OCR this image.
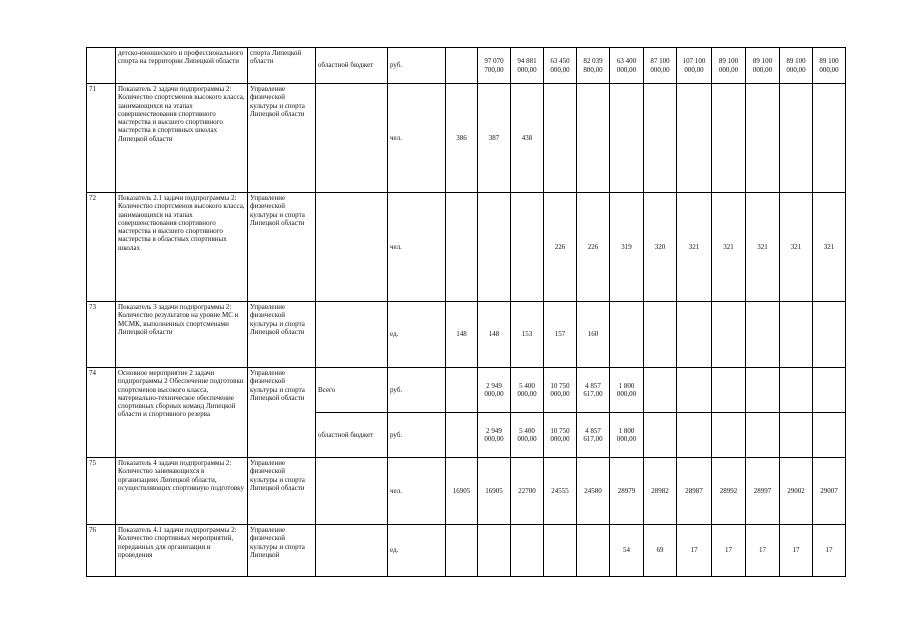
	детско-юношеского и профессионального спорта на территории Липецкой области	спорта Липецкой области	областной бюджет	руб.		97 070 700,00	94 881 000,00	63 450 000,00	82 039 800,00	63 400 000,00	87 100 000,00	107 100 000,00	89 100 000,00	89 100 000,00	89 100 000,00	89 100 000,00
71	Показатель 2 задачи подпрограммы 2: Количество спортсменов высокого класса, занимающихся на этапах совершенствования спортивного мастерства и высшего спортивного мастерства в спортивных школах Липецкой области	Управление физической культуры и спорта Липецкой области		чел.	386	387	438									
72	Показатель 2.1 задачи подпрограммы 2: Количество спортсменов высокого класса, занимающихся на этапах совершенствования спортивного мастерства и высшего спортивного мастерства в областных спортивных школах	Управление физической культуры и спорта Липецкой области		чел.				226	226	319	320	321	321	321	321	321
73	Показатель 3 задачи подпрограммы 2: Количество результатов на уровне МС и МСМК, выполненных спортсменами Липецкой области	Управление физической культуры и спорта Липецкой области		ед.	148	148	153	157	160							
74	Основное мероприятие 2 задачи подпрограммы 2 Обеспечение подготовки спортсменов высокого класса, материально-техническое обеспечение спортивных сборных команд Липецкой области и спортивного резерва	Управление физической культуры и спорта Липецкой области	Всего	руб.		2 949 000,00	5 400 000,00	10 750 000,00	4 857 617,00	1 800 000,00						
			областной бюджет	руб.		2 949 000,00	5 400 000,00	10 750 000,00	4 857 617,00	1 800 000,00						
75	Показатель 4 задачи подпрограммы 2: Количество занимающихся в организациях Липецкой области, осуществляющих спортивную подготовку	Управление физической культуры и спорта Липецкой области		чел.	16905	16905	22700	24555	24580	28979	28982	28987	28992	28997	29002	29007
76	Показатель 4.1 задачи подпрограммы 2: Количество спортивных мероприятий, переданных для организации и проведения	Управление физической культуры и спорта Липецкой		ед.						54	69	17	17	17	17	17
